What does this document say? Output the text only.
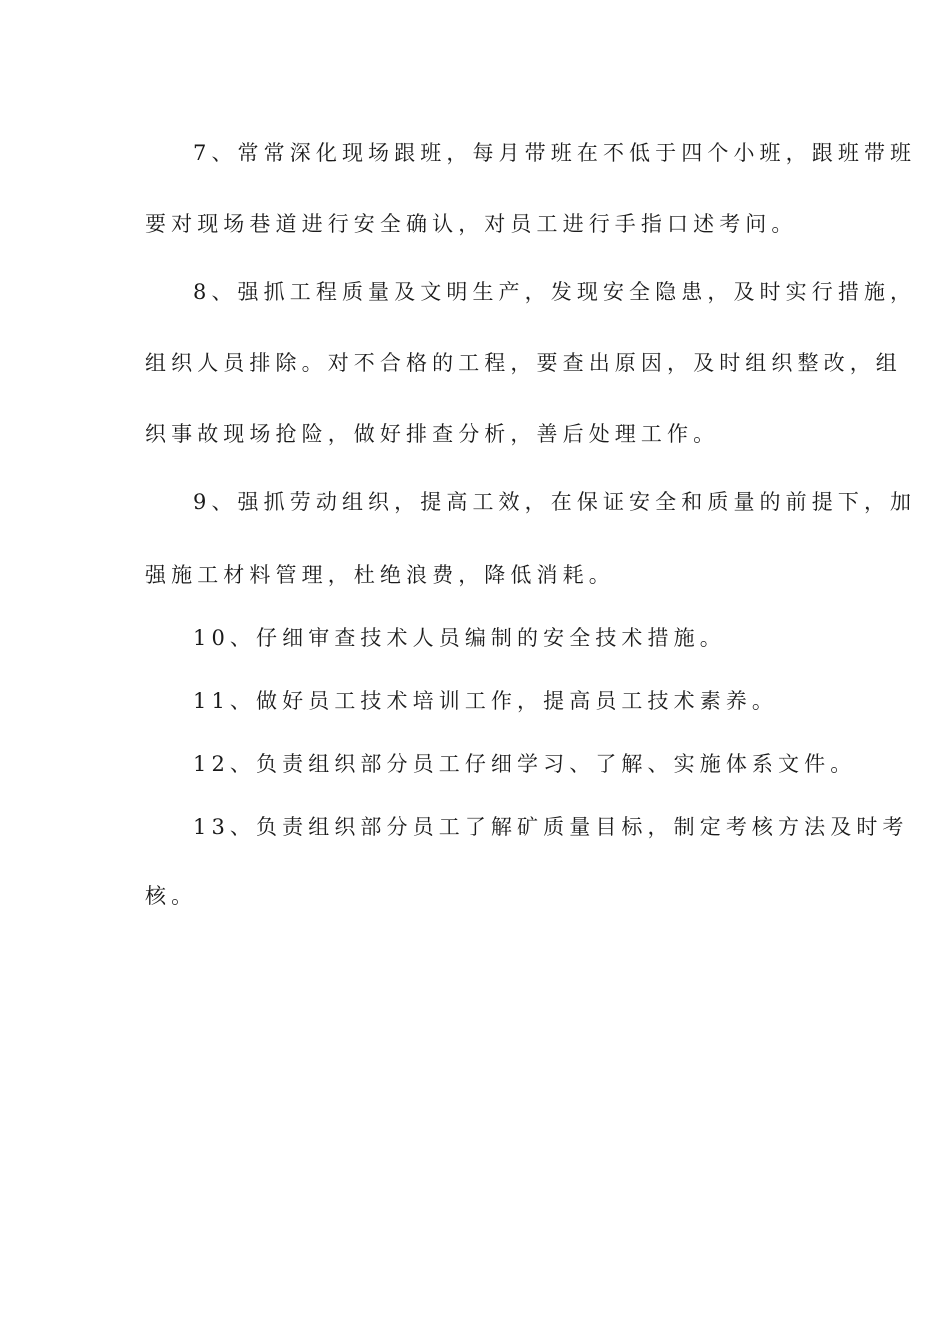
7、常常深化现场跟班，每月带班在不低于四个小班，跟班带班

要对现场巷道进行安全确认，对员工进行手指口述考问。

8、强抓工程质量及文明生产，发现安全隐患，及时实行措施，

组织人员排除。对不合格的工程，要查出原因，及时组织整改，组

织事故现场抢险，做好排查分析，善后处理工作。

9、强抓劳动组织，提高工效，在保证安全和质量的前提下，加

强施工材料管理，杜绝浪费，降低消耗。

10、仔细审查技术人员编制的安全技术措施。

11、做好员工技术培训工作，提高员工技术素养。

12、负责组织部分员工仔细学习、了解、实施体系文件。

13、负责组织部分员工了解矿质量目标，制定考核方法及时考

核。
